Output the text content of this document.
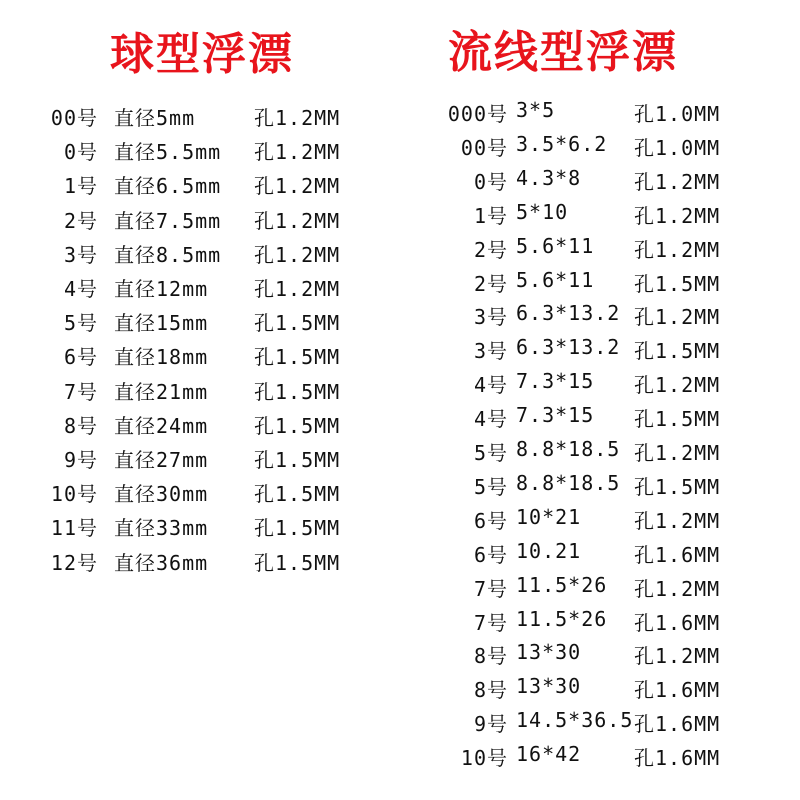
球型浮漂	流线型浮漂
00号 直径5mm	孔1.2MM
0号 直径5.5mm 孔1.2MM
1号 直径6.5mm 孔1.2MM
2号 直径7.5mm 孔1.2MM
3号 直径8.5mm 孔1.2MM
4号 直径12mm 孔1.2MM
5号 直径15mm 孔1.5MM
6号 直径18mm 孔1.5MM
7号 直径21mm 孔1.5MM
8号 直径24mm 孔1.5MM
9号 直径27mm 孔1.5MM
10号 直径30mm 孔1.5MM
11号 直径33mm 孔1.5MM
12号 直径36mm 孔1.5MM
000号 3*5	孔1.0MM
00号 3.5*6.2 孔1.0MM
0号 4.3*8	孔1.2MM
1号 5*10	孔1.2MM
2号 5.6*11 孔1.2MM
2号 5.6*11 孔1.5MM
3号 6.3*13.2 孔1.2MM
3号 6.3*13.2 孔1.5MM
4号 7.3*15 孔1.2MM
4号 7.3*15 孔1.5MM
5号 8.8*18.5 孔1.2MM
5号 8.8*18.5 孔1.5MM
6号 10*21	孔1.2MM
6号 10.21	孔1.6MM
7号 11.5*26 孔1.2MM
7号 11.5*26 孔1.6MM
8号 13*30	孔1.2MM
8号 13*30	孔1.6MM
9号 14.5*36.5 孔1.6MM
10号 16*42	孔1.6MM
